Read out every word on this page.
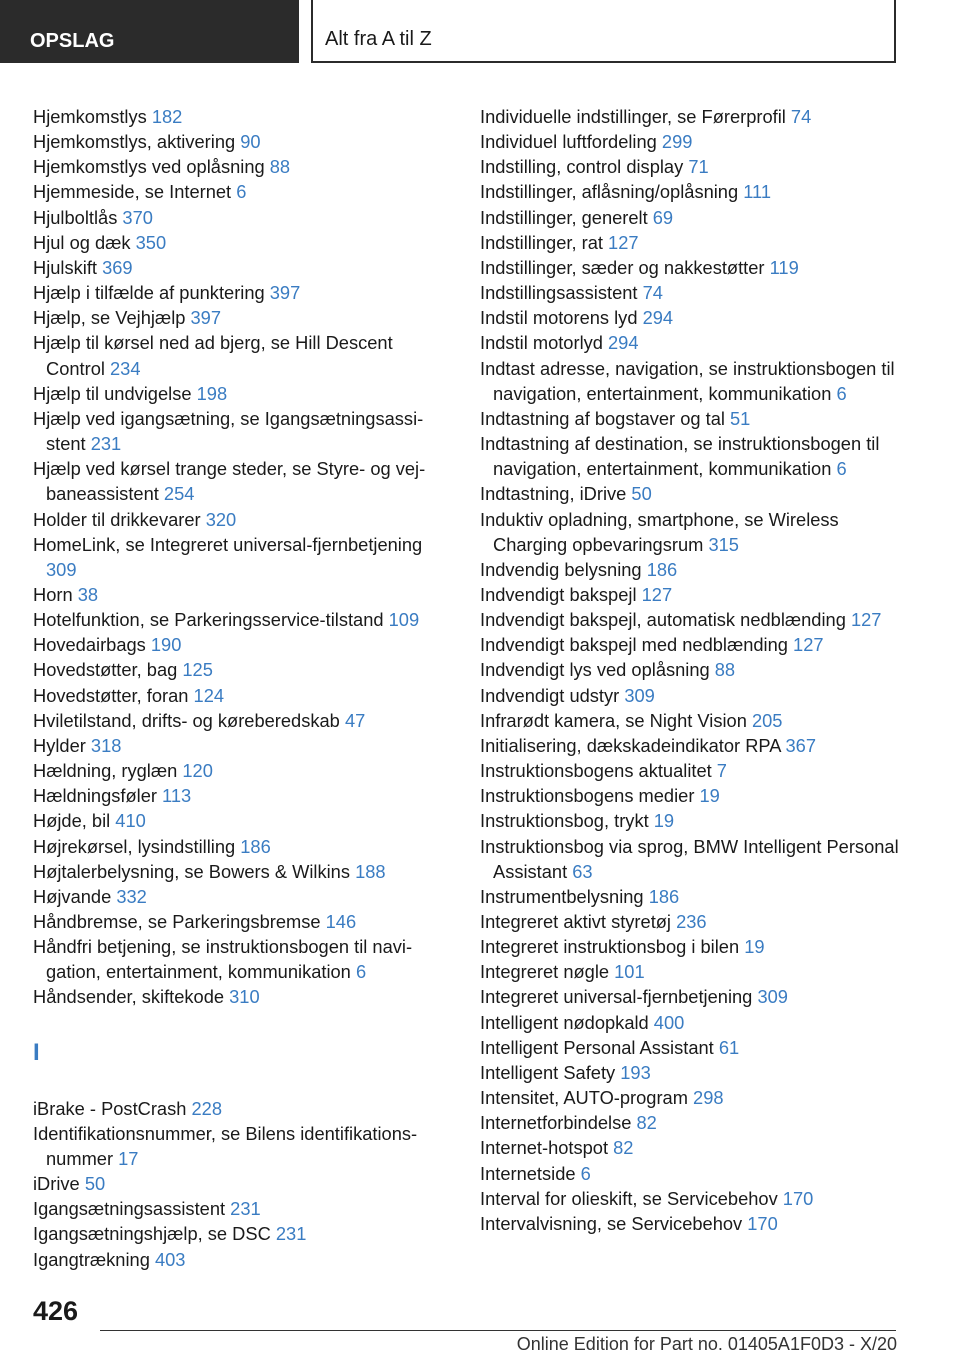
OPSLAG	Alt fra A til Z
Hjemkomstlys 182
Hjemkomstlys, aktivering 90
Hjemkomstlys ved oplåsning 88
Hjemmeside, se Internet 6
Hjulboltlås 370
Hjul og dæk 350
Hjulskift 369
Hjælp i tilfælde af punktering 397
Hjælp, se Vejhjælp 397
Hjælp til kørsel ned ad bjerg, se Hill Descent Control 234
Hjælp til undvigelse 198
Hjælp ved igangsætning, se Igangsætningsassistent 231
Hjælp ved kørsel trange steder, se Styre- og vejbaneassistent 254
Holder til drikkevarer 320
HomeLink, se Integreret universal-fjernbetjening 309
Horn 38
Hotelfunktion, se Parkeringsservice-tilstand 109
Hovedairbags 190
Hovedstøtter, bag 125
Hovedstøtter, foran 124
Hviletilstand, drifts- og køreberedskab 47
Hylder 318
Hældning, ryglæn 120
Hældningsføler 113
Højde, bil 410
Højrekørsel, lysindstilling 186
Højtalerbelysning, se Bowers & Wilkins 188
Højvande 332
Håndbremse, se Parkeringsbremse 146
Håndfri betjening, se instruktionsbogen til navigation, entertainment, kommunikation 6
Håndsender, skiftekode 310
I
iBrake - PostCrash 228
Identifikationsnummer, se Bilens identifikationsnummer 17
iDrive 50
Igangsætningsassistent 231
Igangsætningshjælp, se DSC 231
Igangtrækning 403
Individuelle indstillinger, se Førerprofil 74
Individuel luftfordeling 299
Indstilling, control display 71
Indstillinger, aflåsning/oplåsning 111
Indstillinger, generelt 69
Indstillinger, rat 127
Indstillinger, sæder og nakkestøtter 119
Indstillingsassistent 74
Indstil motorens lyd 294
Indstil motorlyd 294
Indtast adresse, navigation, se instruktionsbogen til navigation, entertainment, kommunikation 6
Indtastning af bogstaver og tal 51
Indtastning af destination, se instruktionsbogen til navigation, entertainment, kommunikation 6
Indtastning, iDrive 50
Induktiv opladning, smartphone, se Wireless Charging opbevaringsrum 315
Indvendig belysning 186
Indvendigt bakspejl 127
Indvendigt bakspejl, automatisk nedblænding 127
Indvendigt bakspejl med nedblænding 127
Indvendigt lys ved oplåsning 88
Indvendigt udstyr 309
Infrarødt kamera, se Night Vision 205
Initialisering, dækskadeindikator RPA 367
Instruktionsbogens aktualitet 7
Instruktionsbogens medier 19
Instruktionsbog, trykt 19
Instruktionsbog via sprog, BMW Intelligent Personal Assistant 63
Instrumentbelysning 186
Integreret aktivt styretøj 236
Integreret instruktionsbog i bilen 19
Integreret nøgle 101
Integreret universal-fjernbetjening 309
Intelligent nødopkald 400
Intelligent Personal Assistant 61
Intelligent Safety 193
Intensitet, AUTO-program 298
Internetforbindelse 82
Internet-hotspot 82
Internetside 6
Interval for olieskift, se Servicebehov 170
Intervalvisning, se Servicebehov 170
426
Online Edition for Part no. 01405A1F0D3 - X/20
